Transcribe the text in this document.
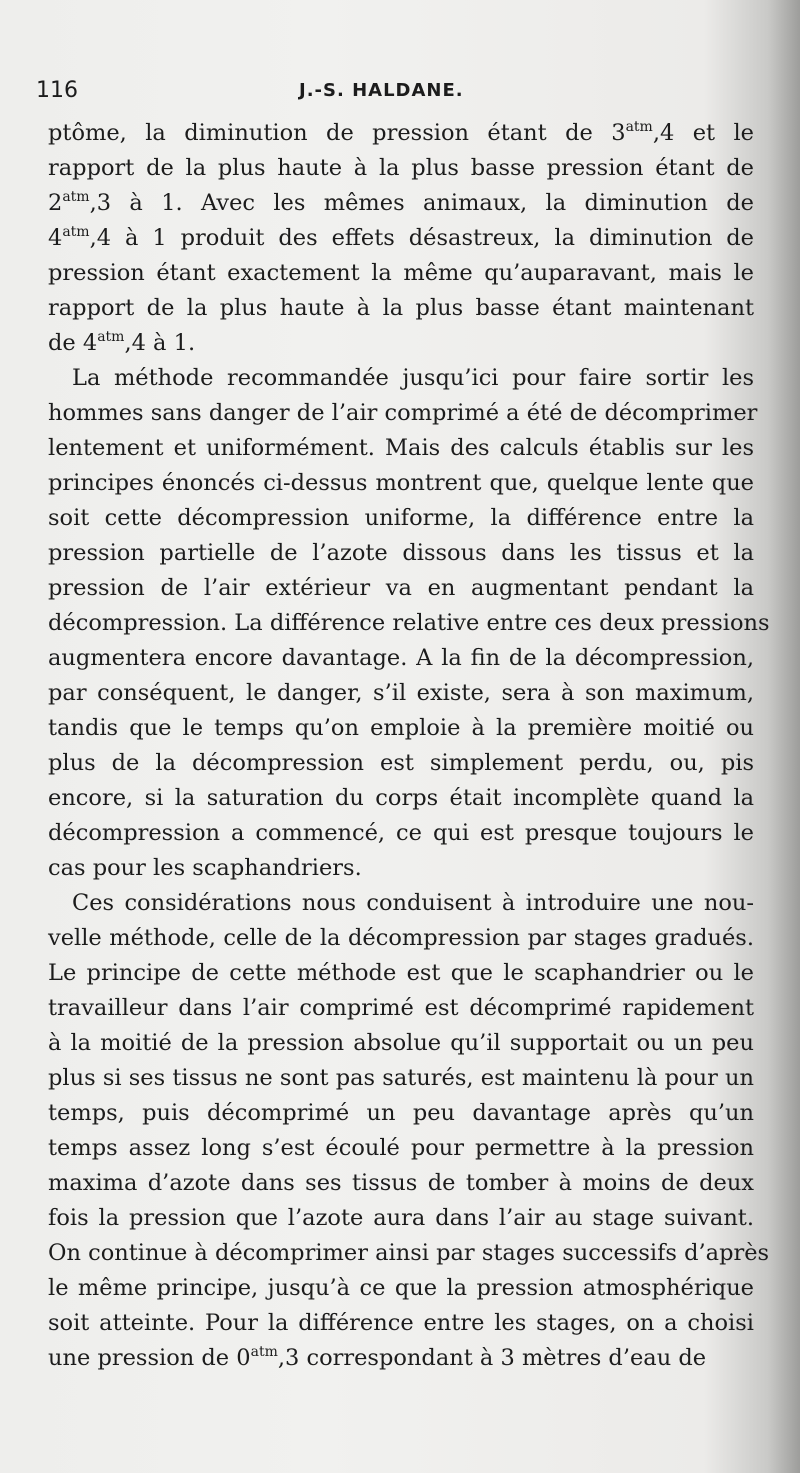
116	J.-S. HALDANE.
ptôme, la diminution de pression étant de $3^{atm},4$ et le
rapport de la plus haute à la plus basse pression étant de
$2^{atm},3$ à 1. Avec les mêmes animaux, la diminution de
$4^{atm},4$ à 1 produit des effets désastreux, la diminution de
pression étant exactement la même qu’auparavant, mais le
rapport de la plus haute à la plus basse étant maintenant
de $4^{atm},4$ à 1.
La méthode recommandée jusqu’ici pour faire sortir les
hommes sans danger de l’air comprimé a été de décomprimer
lentement et uniformément. Mais des calculs établis sur les
principes énoncés ci-dessus montrent que, quelque lente que
soit cette décompression uniforme, la différence entre la
pression partielle de l’azote dissous dans les tissus et la
pression de l’air extérieur va en augmentant pendant la
décompression. La différence relative entre ces deux pressions
augmentera encore davantage. A la fin de la décompression,
par conséquent, le danger, s’il existe, sera à son maximum,
tandis que le temps qu’on emploie à la première moitié ou
plus de la décompression est simplement perdu, ou, pis
encore, si la saturation du corps était incomplète quand la
décompression a commencé, ce qui est presque toujours le
cas pour les scaphandriers.
Ces considérations nous conduisent à introduire une nou-
velle méthode, celle de la décompression par stages gradués.
Le principe de cette méthode est que le scaphandrier ou le
travailleur dans l’air comprimé est décomprimé rapidement
à la moitié de la pression absolue qu’il supportait ou un peu
plus si ses tissus ne sont pas saturés, est maintenu là pour un
temps, puis décomprimé un peu davantage après qu’un
temps assez long s’est écoulé pour permettre à la pression
maxima d’azote dans ses tissus de tomber à moins de deux
fois la pression que l’azote aura dans l’air au stage suivant.
On continue à décomprimer ainsi par stages successifs d’après
le même principe, jusqu’à ce que la pression atmosphérique
soit atteinte. Pour la différence entre les stages, on a choisi
une pression de $0^{atm},3$ correspondant à 3 mètres d’eau de
